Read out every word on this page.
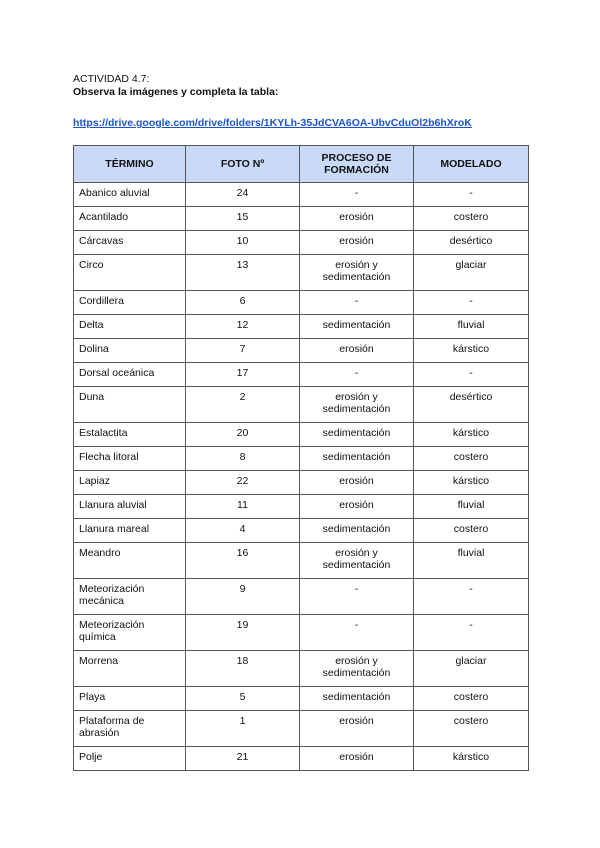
ACTIVIDAD 4.7:
Observa la imágenes y completa la tabla:
https://drive.google.com/drive/folders/1KYLh-35JdCVA6OA-UbvCduOl2b6hXroK
TÉRMINO	FOTO Nº	PROCESO DE FORMACIÓN	MODELADO
Abanico aluvial	24	-	-
Acantilado	15	erosión	costero
Cárcavas	10	erosión	desértico
Circo	13	erosión y sedimentación	glaciar
Cordillera	6	-	-
Delta	12	sedimentación	fluvial
Dolina	7	erosión	kárstico
Dorsal oceánica	17	-	-
Duna	2	erosión y sedimentación	desértico
Estalactita	20	sedimentación	kárstico
Flecha litoral	8	sedimentación	costero
Lapiaz	22	erosión	kárstico
Llanura aluvial	11	erosión	fluvial
Llanura mareal	4	sedimentación	costero
Meandro	16	erosión y sedimentación	fluvial
Meteorización mecánica	9	-	-
Meteorización química	19	-	-
Morrena	18	erosión y sedimentación	glaciar
Playa	5	sedimentación	costero
Plataforma de abrasión	1	erosión	costero
Polje	21	erosión	kárstico
